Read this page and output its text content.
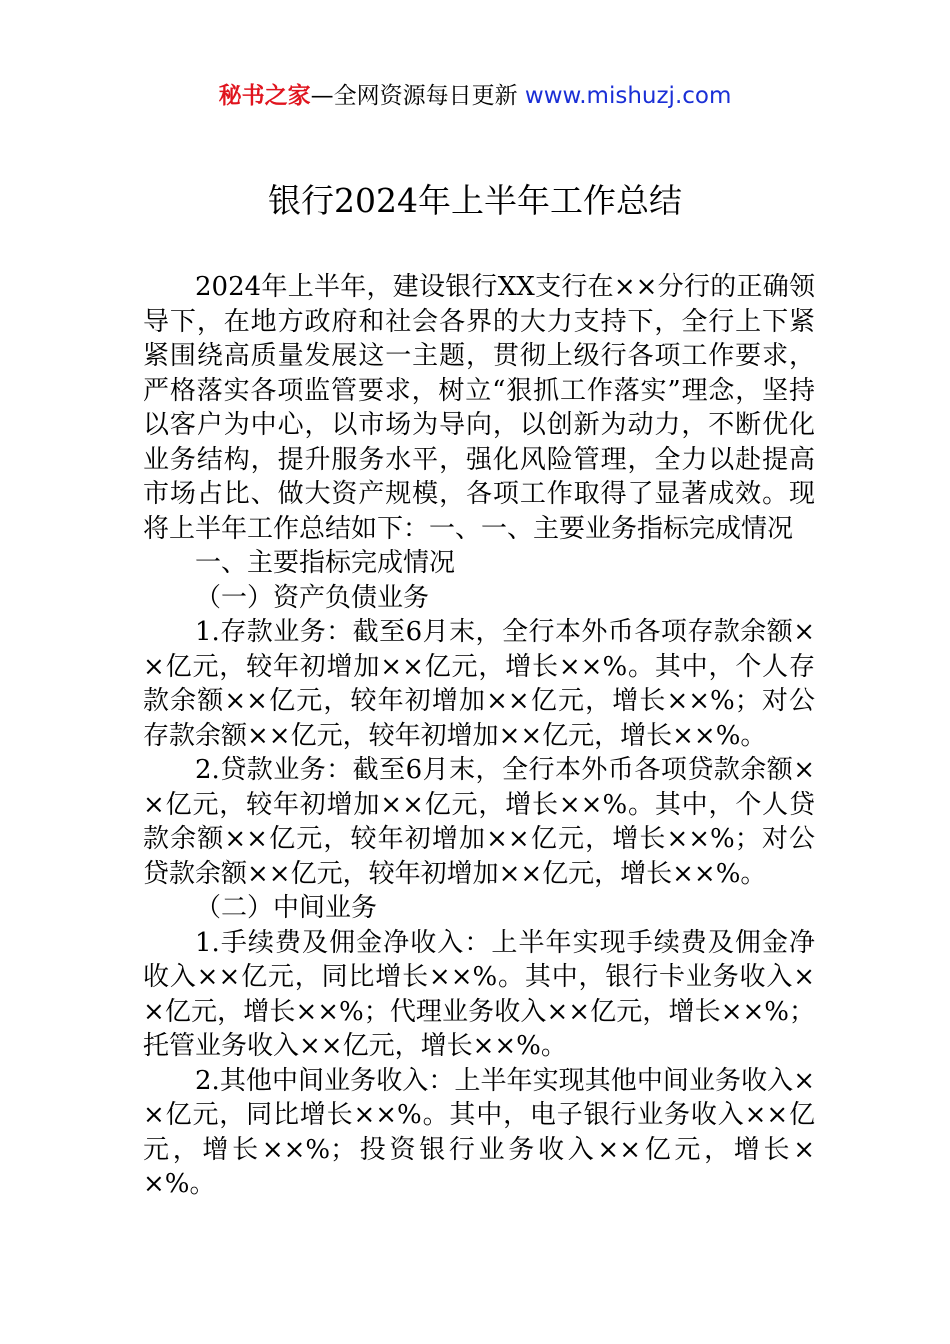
秘书之家—全网资源每日更新 www.mishuzj.com
银行2024年上半年工作总结

2024年上半年，建设银行XX支行在××分行的正确领导下，在地方政府和社会各界的大力支持下，全行上下紧紧围绕高质量发展这一主题，贯彻上级行各项工作要求，严格落实各项监管要求，树立“狠抓工作落实”理念，坚持以客户为中心，以市场为导向，以创新为动力，不断优化业务结构，提升服务水平，强化风险管理，全力以赴提高市场占比、做大资产规模，各项工作取得了显著成效。现将上半年工作总结如下：一、一、主要业务指标完成情况

一、主要指标完成情况

（一）资产负债业务

1.存款业务：截至6月末，全行本外币各项存款余额××亿元，较年初增加××亿元，增长××%。其中，个人存款余额××亿元，较年初增加××亿元，增长××%；对公存款余额××亿元，较年初增加××亿元，增长××%。

2.贷款业务：截至6月末，全行本外币各项贷款余额××亿元，较年初增加××亿元，增长××%。其中，个人贷款余额××亿元，较年初增加××亿元，增长××%；对公贷款余额××亿元，较年初增加××亿元，增长××%。

（二）中间业务

1.手续费及佣金净收入：上半年实现手续费及佣金净收入××亿元，同比增长××%。其中，银行卡业务收入××亿元，增长××%；代理业务收入××亿元，增长××%；托管业务收入××亿元，增长××%。

2.其他中间业务收入：上半年实现其他中间业务收入××亿元，同比增长××%。其中，电子银行业务收入××亿元，增长××%；投资银行业务收入××亿元，增长××%。
